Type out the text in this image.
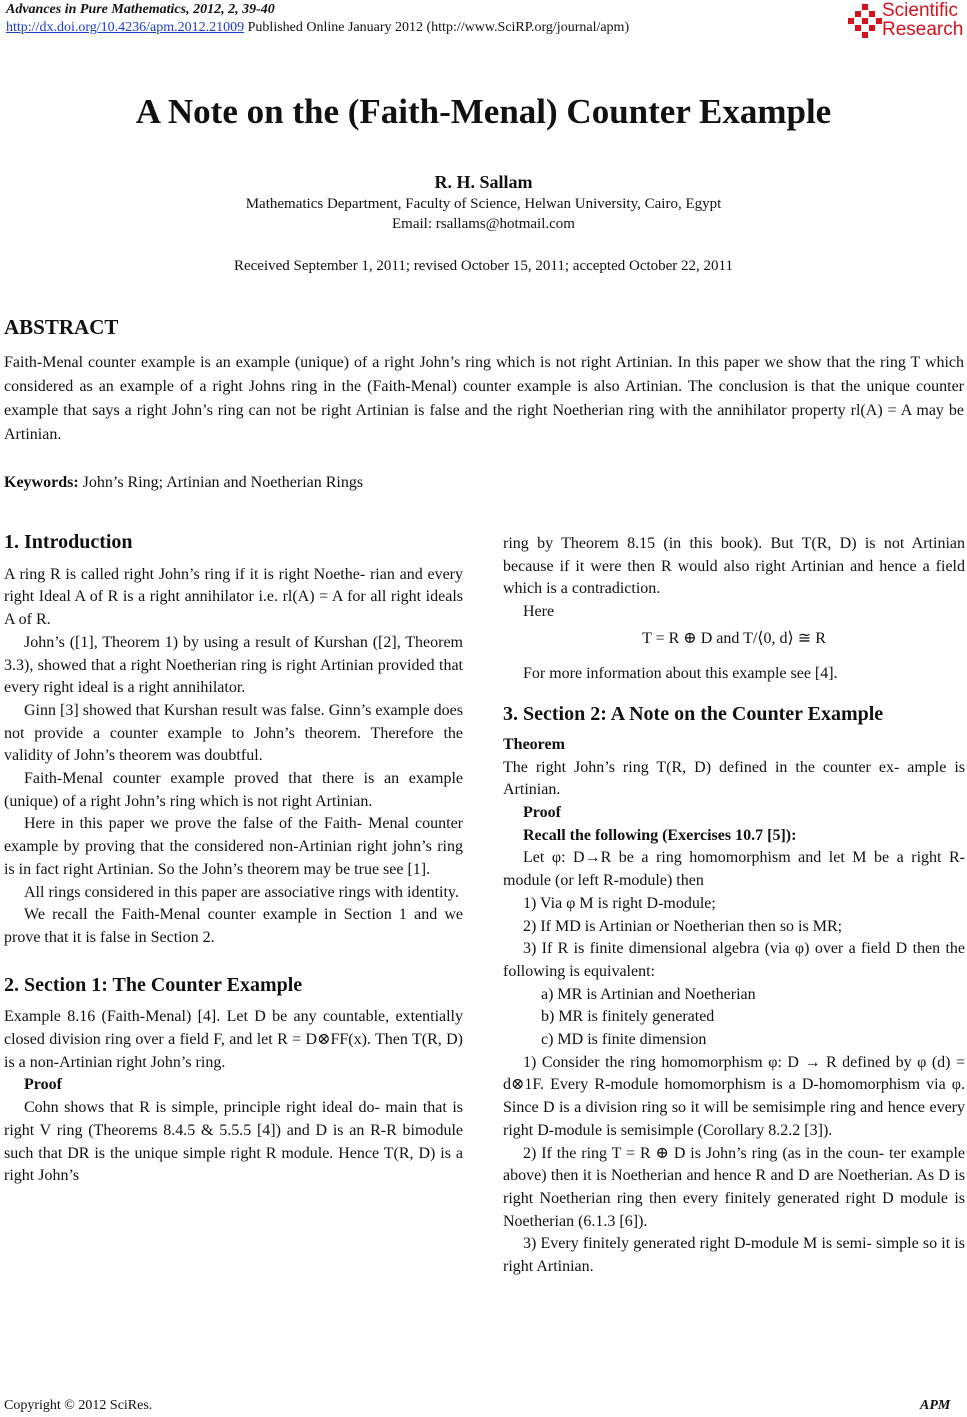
Advances in Pure Mathematics, 2012, 2, 39-40
http://dx.doi.org/10.4236/apm.2012.21009 Published Online January 2012 (http://www.SciRP.org/journal/apm)
Scientific
Research
A Note on the (Faith-Menal) Counter Example
R. H. Sallam
Mathematics Department, Faculty of Science, Helwan University, Cairo, Egypt
Email: rsallams@hotmail.com
Received September 1, 2011; revised October 15, 2011; accepted October 22, 2011
ABSTRACT
Faith-Menal counter example is an example (unique) of a right John’s ring which is not right Artinian. In this paper we show that the ring T which considered as an example of a right Johns ring in the (Faith-Menal) counter example is also Artinian. The conclusion is that the unique counter example that says a right John’s ring can not be right Artinian is false and the right Noetherian ring with the annihilator property rl(A) = A may be Artinian.
Keywords: John’s Ring; Artinian and Noetherian Rings

1. Introduction

A ring R is called right John’s ring if it is right Noethe- rian and every right Ideal A of R is a right annihilator i.e. rl(A) = A for all right ideals A of R.

John’s ([1], Theorem 1) by using a result of Kurshan ([2], Theorem 3.3), showed that a right Noetherian ring is right Artinian provided that every right ideal is a right annihilator.

Ginn [3] showed that Kurshan result was false. Ginn’s example does not provide a counter example to John’s theorem. Therefore the validity of John’s theorem was doubtful.

Faith-Menal counter example proved that there is an example (unique) of a right John’s ring which is not right Artinian.

Here in this paper we prove the false of the Faith- Menal counter example by proving that the considered non-Artinian right john’s ring is in fact right Artinian. So the John’s theorem may be true see [1].

All rings considered in this paper are associative rings with identity.

We recall the Faith-Menal counter example in Section 1 and we prove that it is false in Section 2.

2. Section 1: The Counter Example

Example 8.16 (Faith-Menal) [4]. Let D be any countable, extentially closed division ring over a field F, and let R = D⊗FF(x). Then T(R, D) is a non-Artinian right John’s ring.

Proof

Cohn shows that R is simple, principle right ideal do- main that is right V ring (Theorems 8.4.5 & 5.5.5 [4]) and D is an R-R bimodule such that DR is the unique simple right R module. Hence T(R, D) is a right John’s

ring by Theorem 8.15 (in this book). But T(R, D) is not Artinian because if it were then R would also right Artinian and hence a field which is a contradiction.

Here

T = R ⊕ D and T/⟨0, d⟩ ≅ R

For more information about this example see [4].

3. Section 2: A Note on the Counter Example

Theorem

The right John’s ring T(R, D) defined in the counter ex- ample is Artinian.

Proof

Recall the following (Exercises 10.7 [5]):

Let φ: D→R be a ring homomorphism and let M be a right R-module (or left R-module) then

1) Via φ M is right D-module;

2) If MD is Artinian or Noetherian then so is MR;

3) If R is finite dimensional algebra (via φ) over a field D then the following is equivalent:

a) MR is Artinian and Noetherian

b) MR is finitely generated

c) MD is finite dimension

1) Consider the ring homomorphism φ: D → R defined by φ (d) = d⊗1F. Every R-module homomorphism is a D-homomorphism via φ. Since D is a division ring so it will be semisimple ring and hence every right D-module is semisimple (Corollary 8.2.2 [3]).

2) If the ring T = R ⊕ D is John’s ring (as in the coun- ter example above) then it is Noetherian and hence R and D are Noetherian. As D is right Noetherian ring then every finitely generated right D module is Noetherian (6.1.3 [6]).

3) Every finitely generated right D-module M is semi- simple so it is right Artinian.

Copyright © 2012 SciRes.	APM
